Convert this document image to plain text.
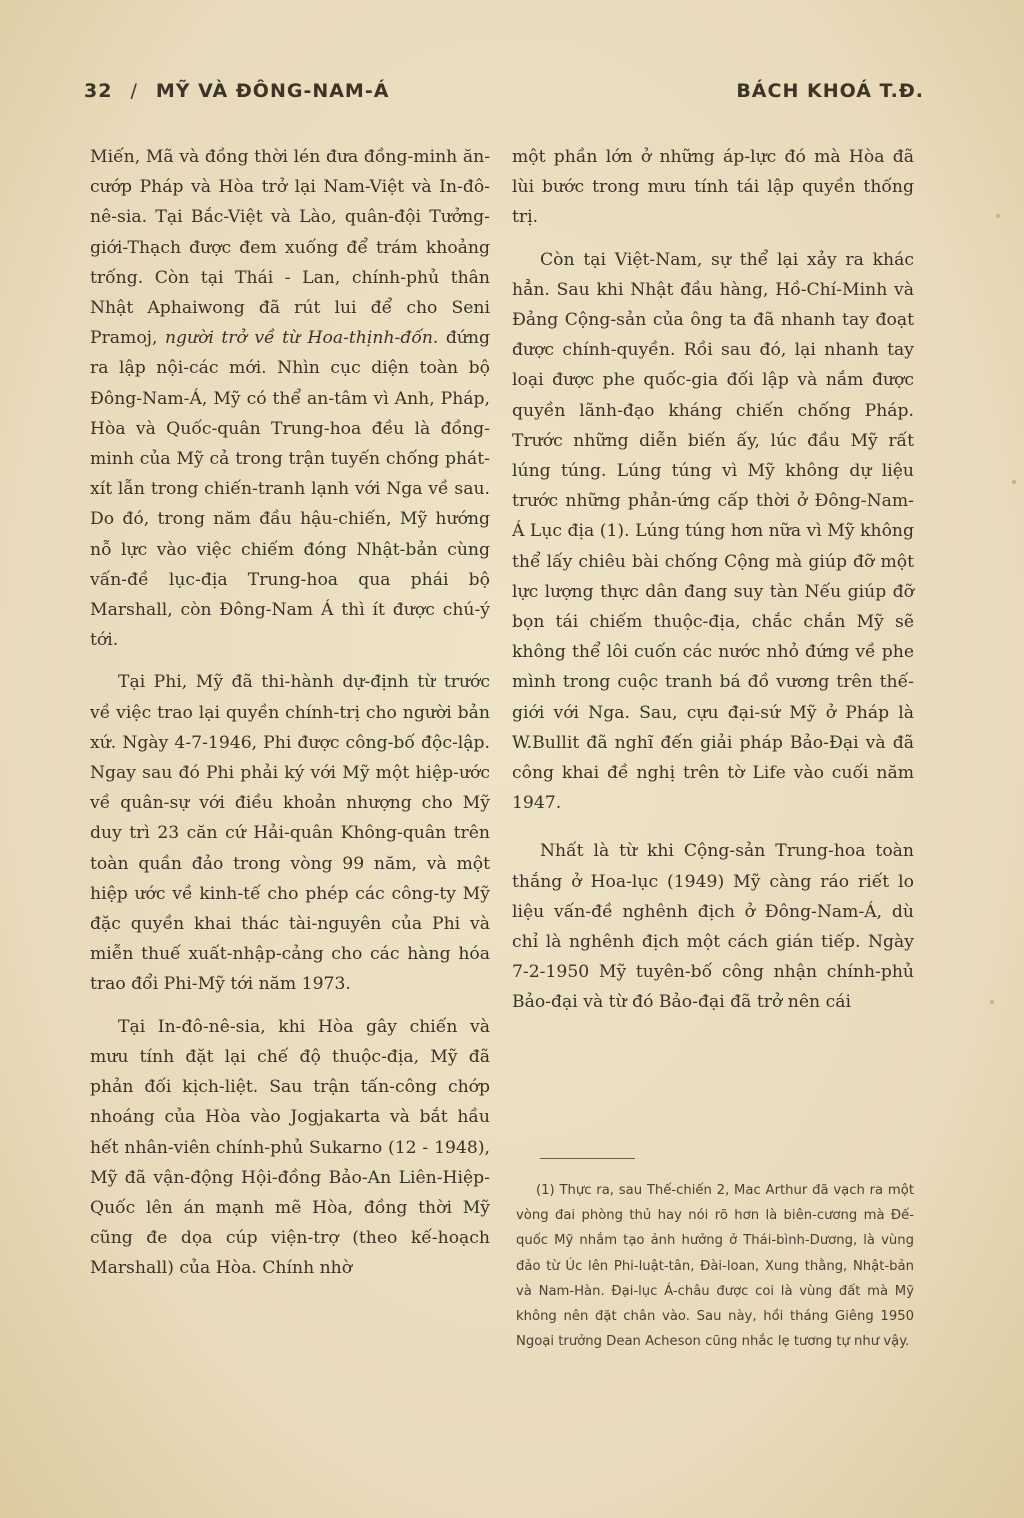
32 / MỸ VÀ ĐÔNG-NAM-Á	BÁCH KHOÁ T.Đ.

Miến, Mã và đồng thời lén đưa đồng-minh ăn-cướp Pháp và Hòa trở lại Nam-Việt và In-đô-nê-sia. Tại Bắc-Việt và Lào, quân-đội Tưởng-giới-Thạch được đem xuống để trám khoảng trống. Còn tại Thái - Lan, chính-phủ thân Nhật Aphaiwong đã rút lui để cho Seni Pramoj, người trở về từ Hoa-thịnh-đốn. đứng ra lập nội-các mới. Nhìn cục diện toàn bộ Đông-Nam-Á, Mỹ có thể an-tâm vì Anh, Pháp, Hòa và Quốc-quân Trung-hoa đều là đồng-minh của Mỹ cả trong trận tuyến chống phát-xít lẫn trong chiến-tranh lạnh với Nga về sau. Do đó, trong năm đầu hậu-chiến, Mỹ hướng nỗ lực vào việc chiếm đóng Nhật-bản cùng vấn-đề lục-địa Trung-hoa qua phái bộ Marshall, còn Đông-Nam Á thì ít được chú-ý tới.

Tại Phi, Mỹ đã thi-hành dự-định từ trước về việc trao lại quyền chính-trị cho người bản xứ. Ngày 4-7-1946, Phi được công-bố độc-lập. Ngay sau đó Phi phải ký với Mỹ một hiệp-ước về quân-sự với điều khoản nhượng cho Mỹ duy trì 23 căn cứ Hải-quân Không-quân trên toàn quần đảo trong vòng 99 năm, và một hiệp ước về kinh-tế cho phép các công-ty Mỹ đặc quyền khai thác tài-nguyên của Phi và miễn thuế xuất-nhập-cảng cho các hàng hóa trao đổi Phi-Mỹ tới năm 1973.

Tại In-đô-nê-sia, khi Hòa gây chiến và mưu tính đặt lại chế độ thuộc-địa, Mỹ đã phản đối kịch-liệt. Sau trận tấn-công chớp nhoáng của Hòa vào Jogjakarta và bắt hầu hết nhân-viên chính-phủ Sukarno (12 - 1948), Mỹ đã vận-động Hội-đồng Bảo-An Liên-Hiệp-Quốc lên án mạnh mẽ Hòa, đồng thời Mỹ cũng đe dọa cúp viện-trợ (theo kế-hoạch Marshall) của Hòa. Chính nhờ

một phần lớn ở những áp-lực đó mà Hòa đã lùi bước trong mưu tính tái lập quyền thống trị.

Còn tại Việt-Nam, sự thể lại xảy ra khác hẳn. Sau khi Nhật đầu hàng, Hồ-Chí-Minh và Đảng Cộng-sản của ông ta đã nhanh tay đoạt được chính-quyền. Rồi sau đó, lại nhanh tay loại được phe quốc-gia đối lập và nắm được quyền lãnh-đạo kháng chiến chống Pháp. Trước những diễn biến ấy, lúc đầu Mỹ rất lúng túng. Lúng túng vì Mỹ không dự liệu trước những phản-ứng cấp thời ở Đông-Nam-Á Lục địa (1). Lúng túng hơn nữa vì Mỹ không thể lấy chiêu bài chống Cộng mà giúp đỡ một lực lượng thực dân đang suy tàn Nếu giúp đỡ bọn tái chiếm thuộc-địa, chắc chắn Mỹ sẽ không thể lôi cuốn các nước nhỏ đứng về phe mình trong cuộc tranh bá đồ vương trên thế-giới với Nga. Sau, cựu đại-sứ Mỹ ở Pháp là W.Bullit đã nghĩ đến giải pháp Bảo-Đại và đã công khai đề nghị trên tờ Life vào cuối năm 1947.

Nhất là từ khi Cộng-sản Trung-hoa toàn thắng ở Hoa-lục (1949) Mỹ càng ráo riết lo liệu vấn-đề nghênh địch ở Đông-Nam-Á, dù chỉ là nghênh địch một cách gián tiếp. Ngày 7-2-1950 Mỹ tuyên-bố công nhận chính-phủ Bảo-đại và từ đó Bảo-đại đã trở nên cái

(1) Thực ra, sau Thế-chiến 2, Mac Arthur đã vạch ra một vòng đai phòng thủ hay nói rõ hơn là biên-cương mà Đế-quốc Mỹ nhắm tạo ảnh hưởng ở Thái-bình-Dương, là vùng đảo từ Úc lên Phi-luật-tân, Đài-loan, Xung thằng, Nhật-bản và Nam-Hàn. Đại-lục Á-châu được coi là vùng đất mà Mỹ không nên đặt chân vào. Sau này, hồi tháng Giêng 1950 Ngoại trưởng Dean Acheson cũng nhắc lẹ tương tự như vậy.
